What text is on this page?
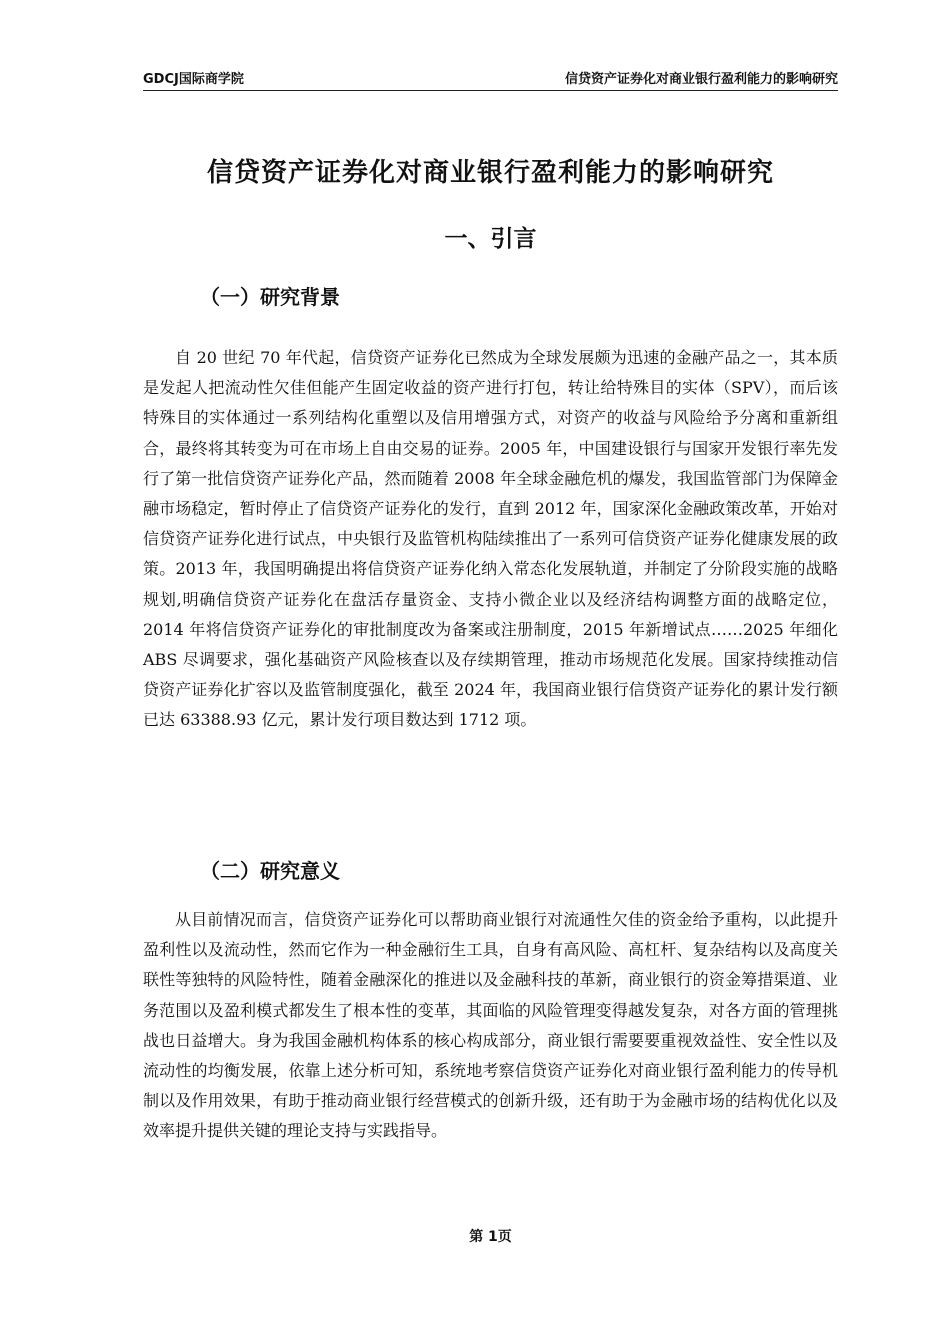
GDCJ国际商学院	信贷资产证券化对商业银行盈利能力的影响研究
信贷资产证券化对商业银行盈利能力的影响研究
一、引言
（一）研究背景

自 20 世纪 70 年代起，信贷资产证券化已然成为全球发展颇为迅速的金融产品之一，其本质是发起人把流动性欠佳但能产生固定收益的资产进行打包，转让给特殊目的实体（SPV），而后该特殊目的实体通过一系列结构化重塑以及信用增强方式，对资产的收益与风险给予分离和重新组合，最终将其转变为可在市场上自由交易的证券。2005 年，中国建设银行与国家开发银行率先发行了第一批信贷资产证券化产品，然而随着 2008 年全球金融危机的爆发，我国监管部门为保障金融市场稳定，暂时停止了信贷资产证券化的发行，直到 2012 年，国家深化金融政策改革，开始对信贷资产证券化进行试点，中央银行及监管机构陆续推出了一系列可信贷资产证券化健康发展的政策。2013 年，我国明确提出将信贷资产证券化纳入常态化发展轨道，并制定了分阶段实施的战略规划,明确信贷资产证券化在盘活存量资金、支持小微企业以及经济结构调整方面的战略定位，2014 年将信贷资产证券化的审批制度改为备案或注册制度，2015 年新增试点……2025 年细化 ABS 尽调要求，强化基础资产风险核查以及存续期管理，推动市场规范化发展。国家持续推动信贷资产证券化扩容以及监管制度强化，截至 2024 年，我国商业银行信贷资产证券化的累计发行额已达 63388.93 亿元，累计发行项目数达到 1712 项。

（二）研究意义

从目前情况而言，信贷资产证券化可以帮助商业银行对流通性欠佳的资金给予重构，以此提升盈利性以及流动性，然而它作为一种金融衍生工具，自身有高风险、高杠杆、复杂结构以及高度关联性等独特的风险特性，随着金融深化的推进以及金融科技的革新，商业银行的资金筹措渠道、业务范围以及盈利模式都发生了根本性的变革，其面临的风险管理变得越发复杂，对各方面的管理挑战也日益增大。身为我国金融机构体系的核心构成部分，商业银行需要要重视效益性、安全性以及流动性的均衡发展，依靠上述分析可知，系统地考察信贷资产证券化对商业银行盈利能力的传导机制以及作用效果，有助于推动商业银行经营模式的创新升级，还有助于为金融市场的结构优化以及效率提升提供关键的理论支持与实践指导。

第 1页
